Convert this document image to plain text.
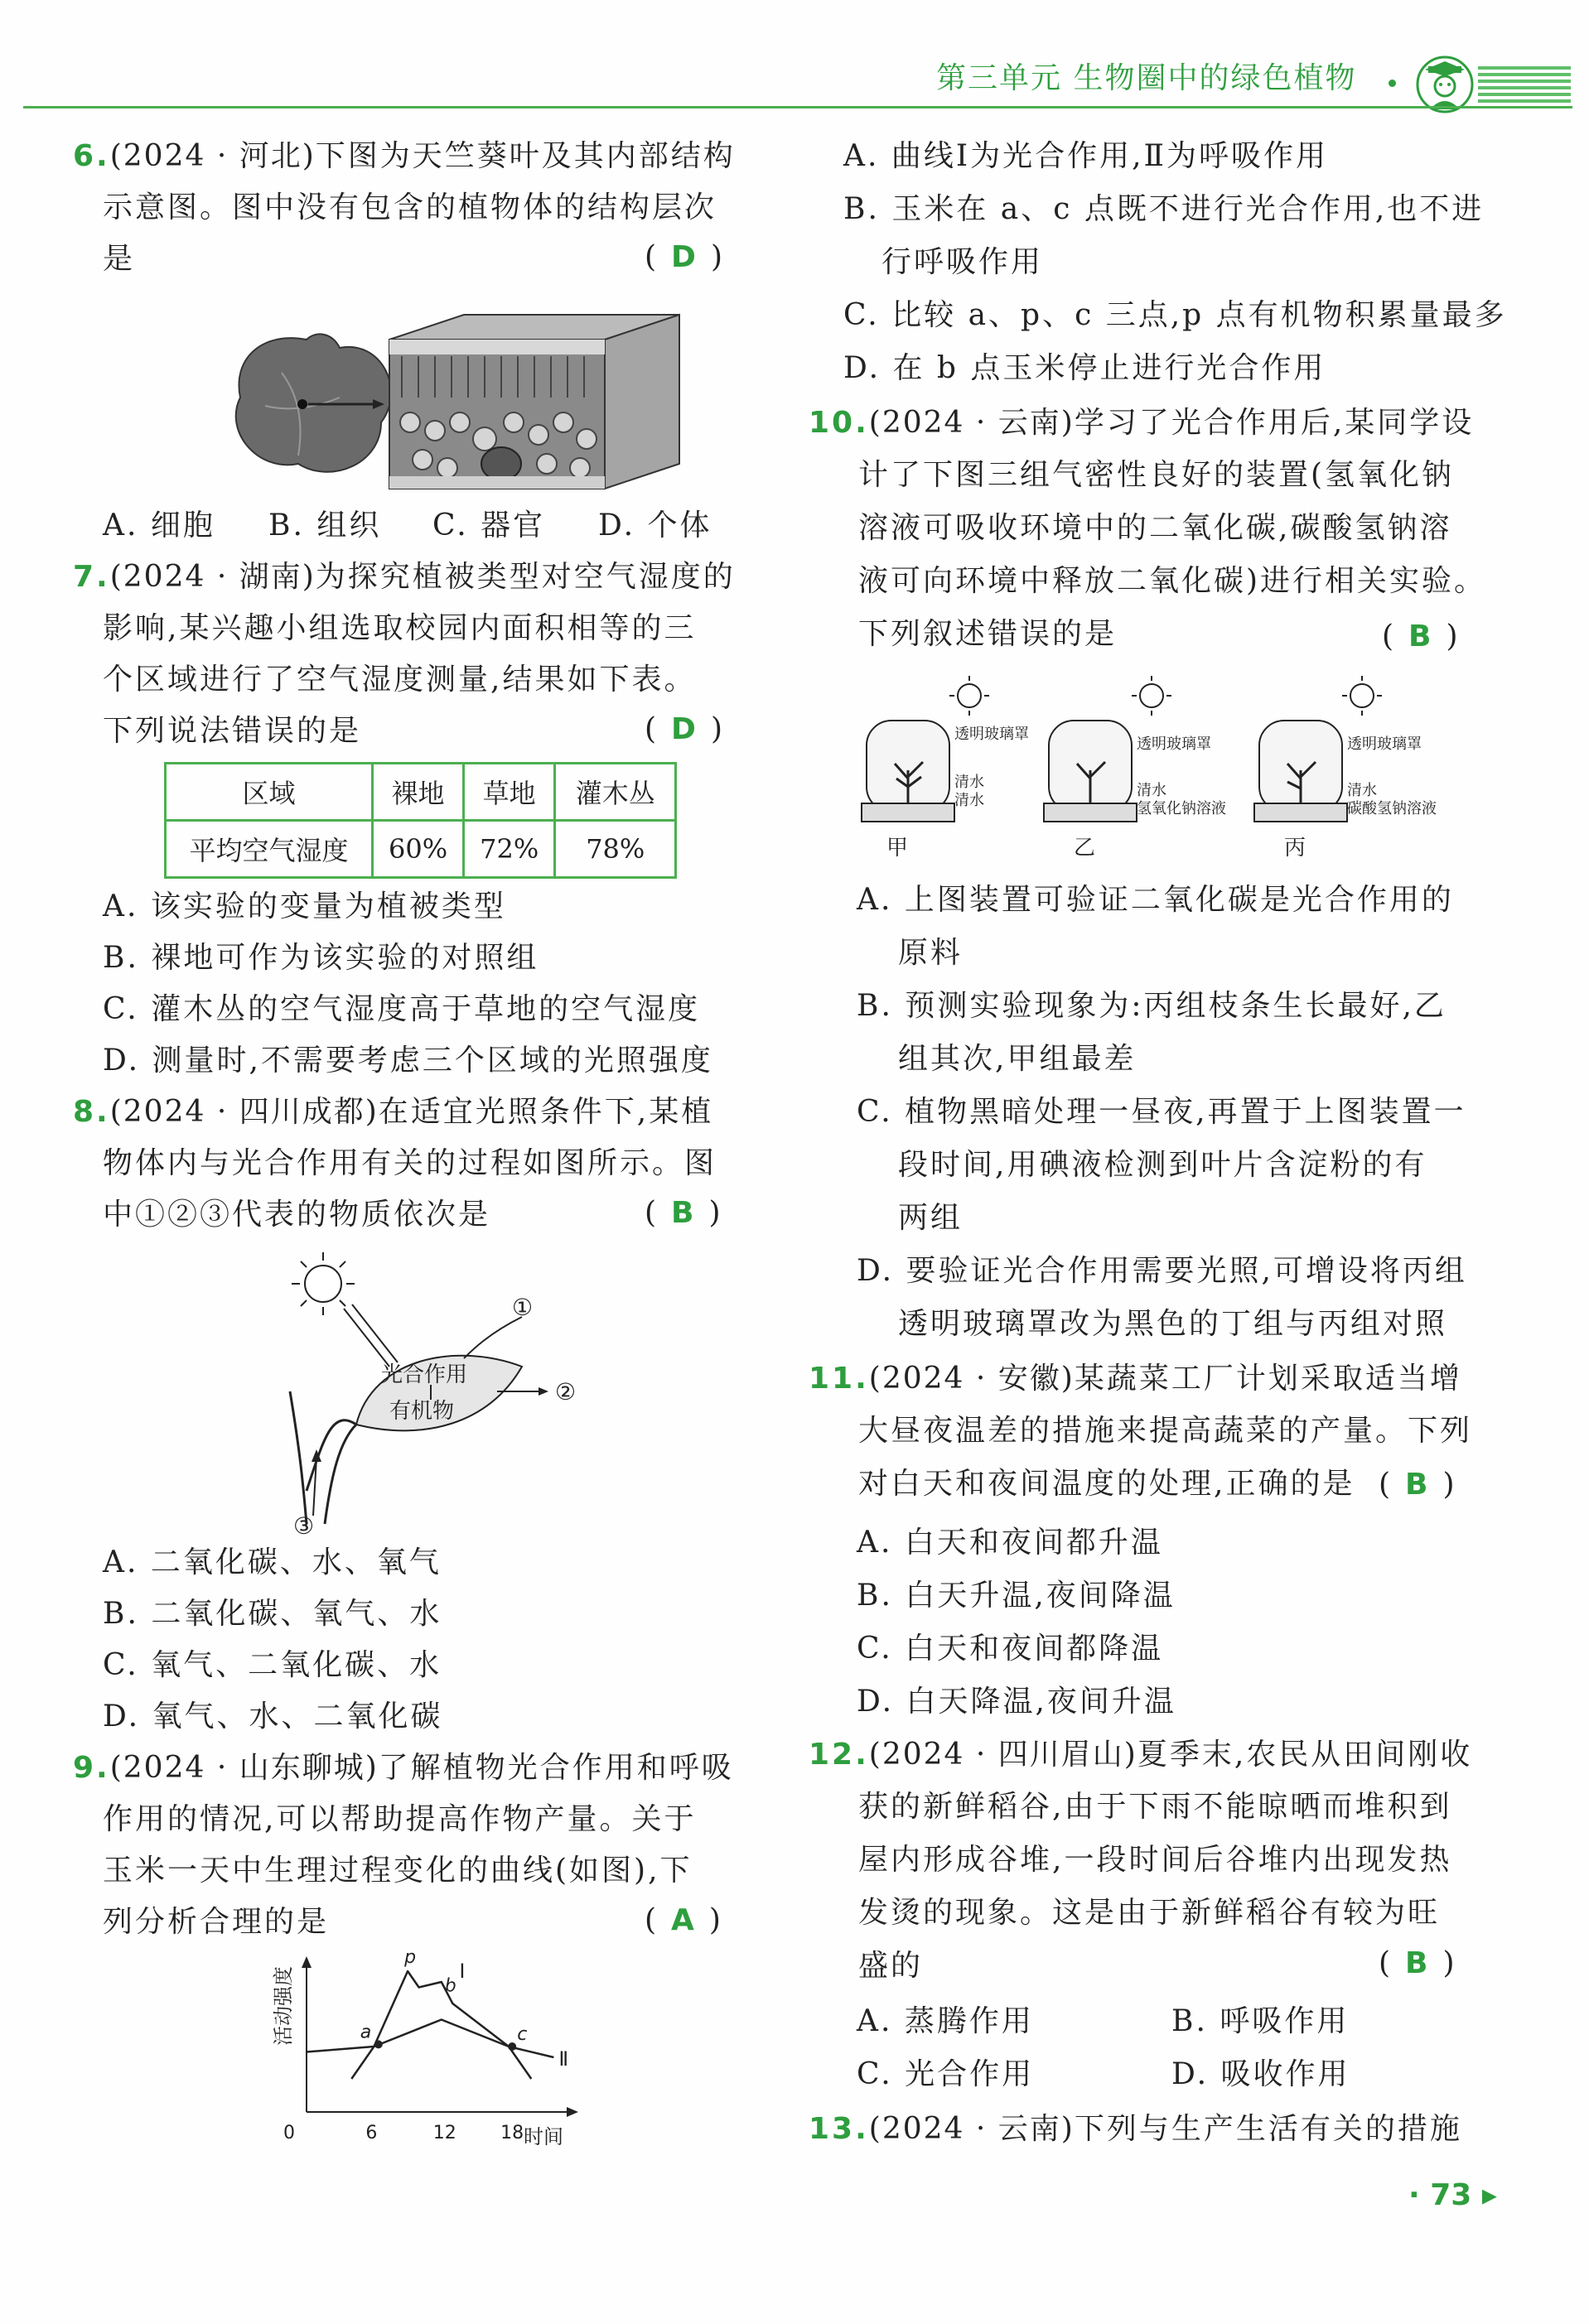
第三单元 生物圈中的绿色植物
6.(2024 · 河北)下图为天竺葵叶及其内部结构
示意图。图中没有包含的植物体的结构层次
是	( D )
A. 细胞 B. 组织 C. 器官 D. 个体
7.(2024 · 湖南)为探究植被类型对空气湿度的
影响,某兴趣小组选取校园内面积相等的三
个区域进行了空气湿度测量,结果如下表。
下列说法错误的是	( D )
区域	裸地	草地	灌木丛
平均空气湿度	60%	72%	78%
A. 该实验的变量为植被类型
B. 裸地可作为该实验的对照组
C. 灌木丛的空气湿度高于草地的空气湿度
D. 测量时,不需要考虑三个区域的光照强度
8.(2024 · 四川成都)在适宜光照条件下,某植
物体内与光合作用有关的过程如图所示。图
中①②③代表的物质依次是	( B )
光合作用
有机物
①
②
③
A. 二氧化碳、水、氧气
B. 二氧化碳、氧气、水
C. 氧气、二氧化碳、水
D. 氧气、水、二氧化碳
9.(2024 · 山东聊城)了解植物光合作用和呼吸
作用的情况,可以帮助提高作物产量。关于
玉米一天中生理过程变化的曲线(如图),下
列分析合理的是	( A )
活动强度
时间
0	6	12 18
Ⅰ
Ⅱ
a
p
b
c
A. 曲线Ⅰ为光合作用,Ⅱ为呼吸作用
B. 玉米在 a、c 点既不进行光合作用,也不进
行呼吸作用
C. 比较 a、p、c 三点,p 点有机物积累量最多
D. 在 b 点玉米停止进行光合作用
10.(2024 · 云南)学习了光合作用后,某同学设
计了下图三组气密性良好的装置(氢氧化钠
溶液可吸收环境中的二氧化碳,碳酸氢钠溶
液可向环境中释放二氧化碳)进行相关实验。
下列叙述错误的是	( B )
透明玻璃罩
清水
清水
甲
透明玻璃罩
清水
氢氧化钠溶液
乙
透明玻璃罩
清水
碳酸氢钠溶液
丙
A. 上图装置可验证二氧化碳是光合作用的
原料
B. 预测实验现象为:丙组枝条生长最好,乙
组其次,甲组最差
C. 植物黑暗处理一昼夜,再置于上图装置一
段时间,用碘液检测到叶片含淀粉的有
两组
D. 要验证光合作用需要光照,可增设将丙组
透明玻璃罩改为黑色的丁组与丙组对照
11.(2024 · 安徽)某蔬菜工厂计划采取适当增
大昼夜温差的措施来提高蔬菜的产量。下列
对白天和夜间温度的处理,正确的是 ( B )
A. 白天和夜间都升温
B. 白天升温,夜间降温
C. 白天和夜间都降温
D. 白天降温,夜间升温
12.(2024 · 四川眉山)夏季末,农民从田间刚收
获的新鲜稻谷,由于下雨不能晾晒而堆积到
屋内形成谷堆,一段时间后谷堆内出现发热
发烫的现象。这是由于新鲜稻谷有较为旺
盛的	( B )
A. 蒸腾作用	B. 呼吸作用
C. 光合作用	D. 吸收作用
13.(2024 · 云南)下列与生产生活有关的措施
· 73 ▸
